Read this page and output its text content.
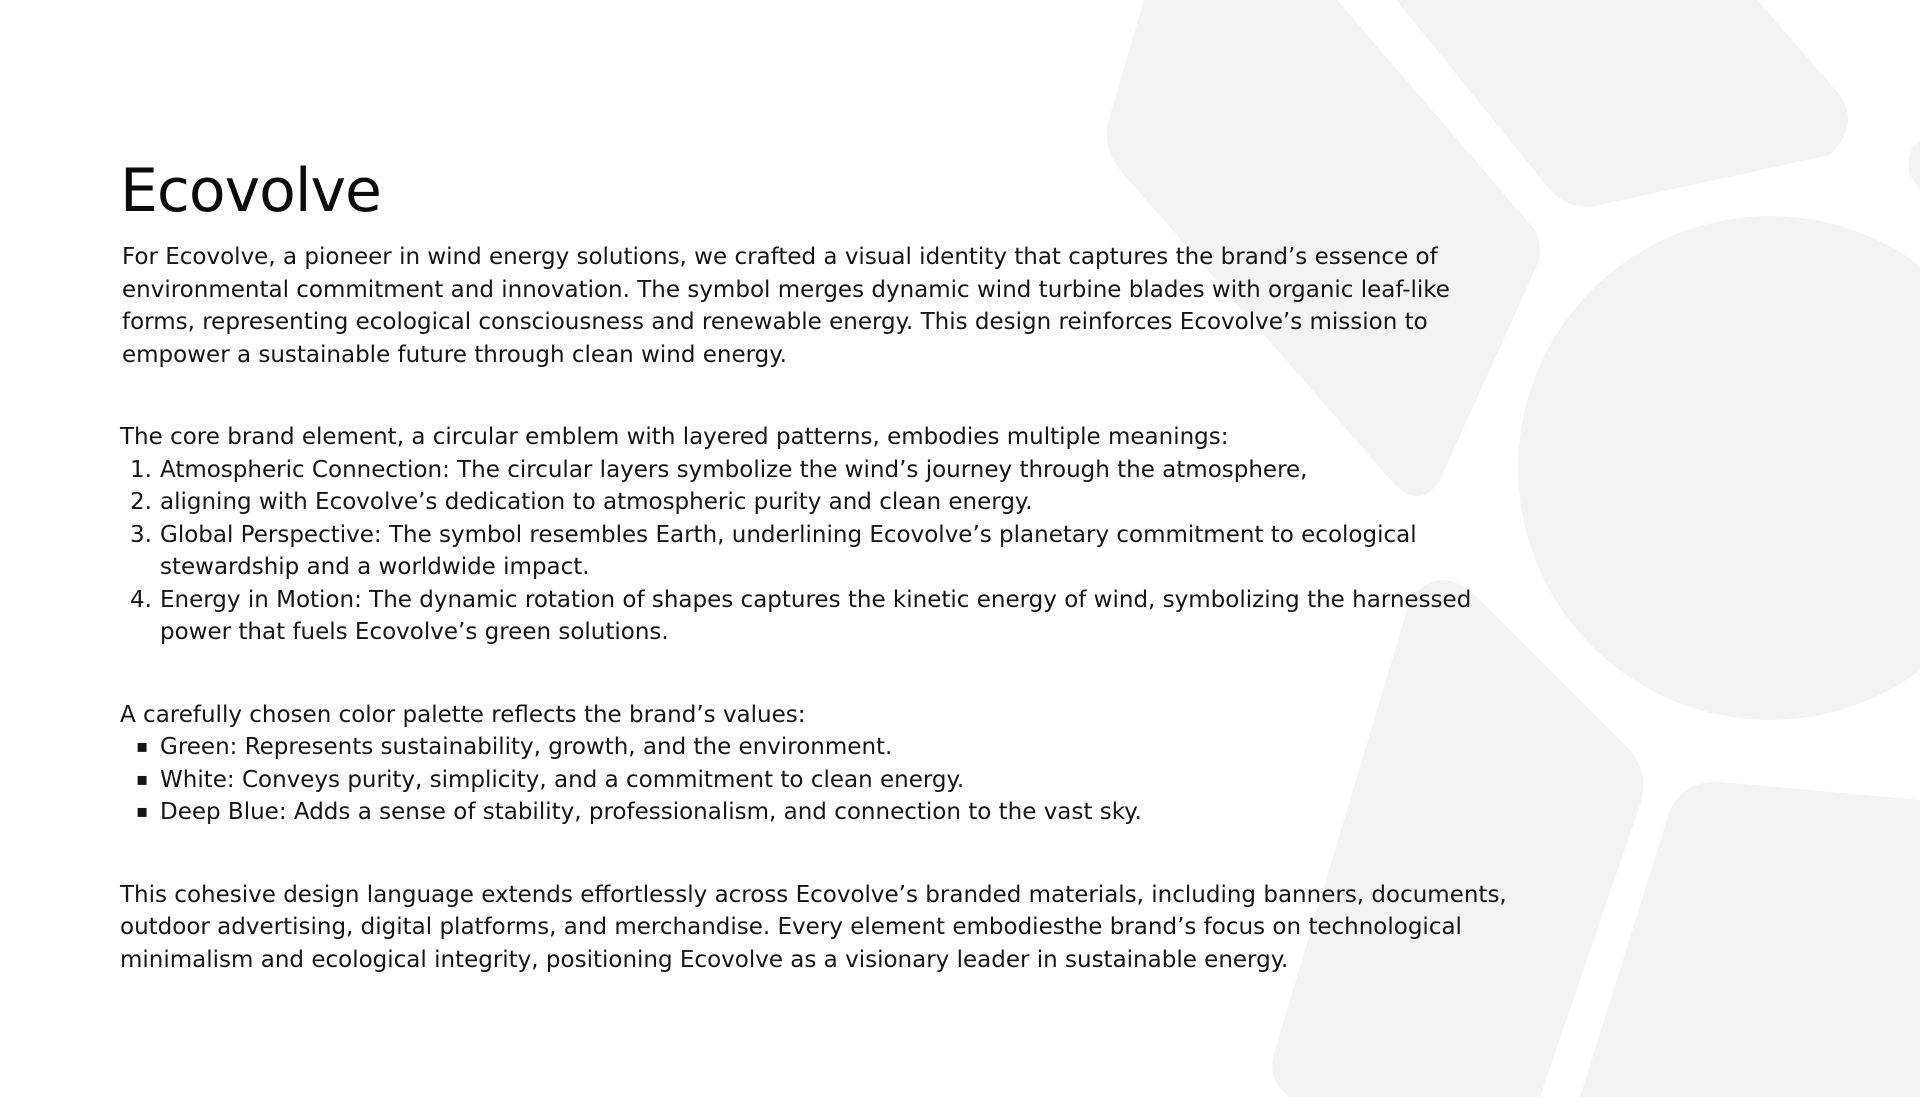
Ecovolve

For Ecovolve, a pioneer in wind energy solutions, we crafted a visual identity that captures the brand’s essence of environmental commitment and innovation. The symbol merges dynamic wind turbine blades with organic leaf-like forms, representing ecological consciousness and renewable energy. This design reinforces Ecovolve’s mission to empower a sustainable future through clean wind energy.

The core brand element, a circular emblem with layered patterns, embodies multiple meanings:

1. Atmospheric Connection: The circular layers symbolize the wind’s journey through the atmosphere,
2. aligning with Ecovolve’s dedication to atmospheric purity and clean energy.
3. Global Perspective: The symbol resembles Earth, underlining Ecovolve’s planetary commitment to ecological stewardship and a worldwide impact.
4. Energy in Motion: The dynamic rotation of shapes captures the kinetic energy of wind, symbolizing the harnessed power that fuels Ecovolve’s green solutions.

A carefully chosen color palette reflects the brand’s values:

▪ Green: Represents sustainability, growth, and the environment.
▪ White: Conveys purity, simplicity, and a commitment to clean energy.
▪ Deep Blue: Adds a sense of stability, professionalism, and connection to the vast sky.

This cohesive design language extends effortlessly across Ecovolve’s branded materials, including banners, documents, outdoor advertising, digital platforms, and merchandise. Every element embodiesthe brand’s focus on technological minimalism and ecological integrity, positioning Ecovolve as a visionary leader in sustainable energy.
